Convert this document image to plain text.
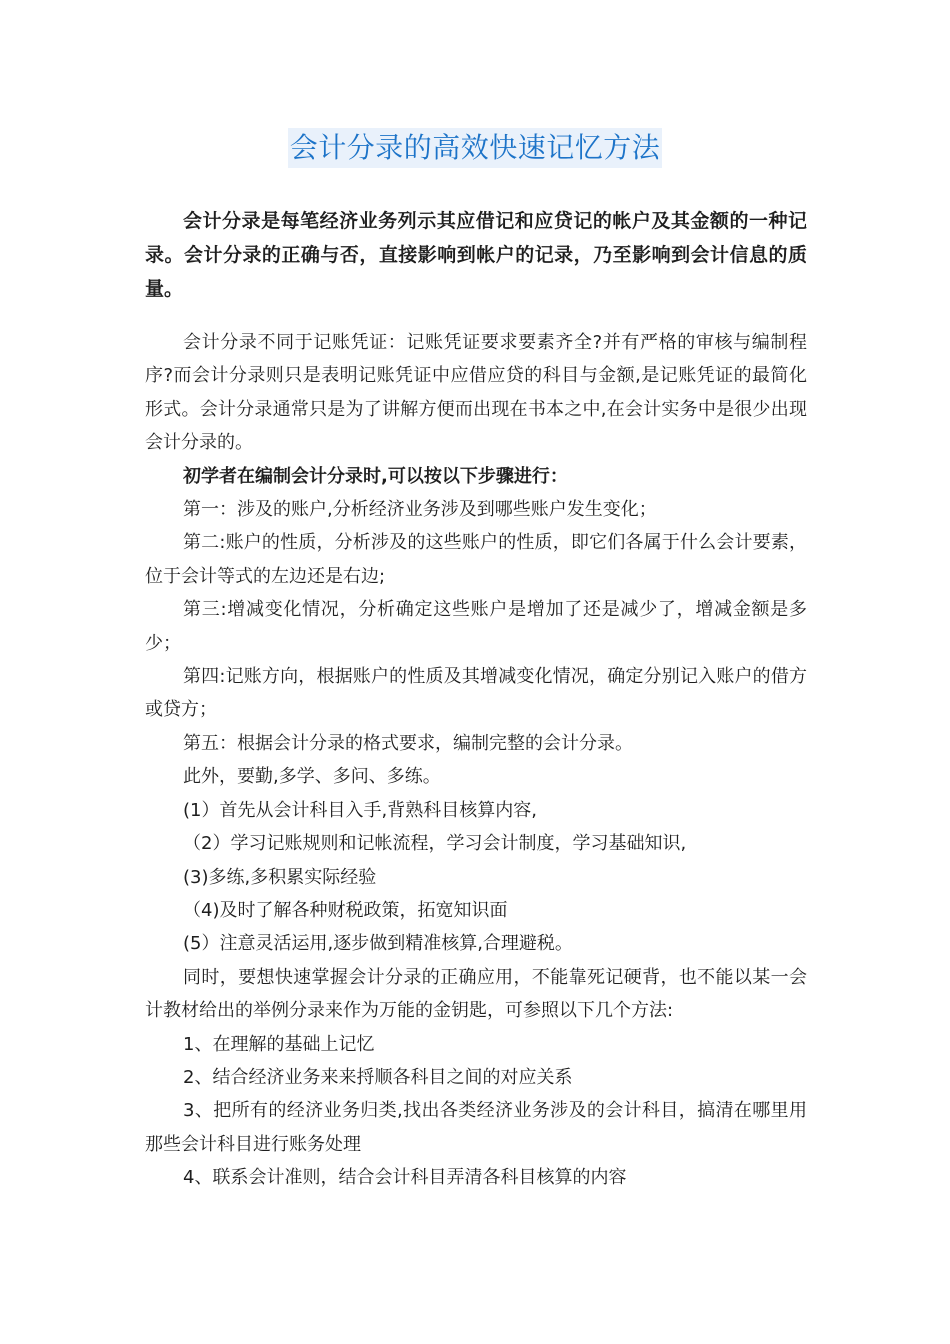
会计分录的高效快速记忆方法

会计分录是每笔经济业务列示其应借记和应贷记的帐户及其金额的一种记录。会计分录的正确与否，直接影响到帐户的记录，乃至影响到会计信息的质量。

会计分录不同于记账凭证：记账凭证要求要素齐全?并有严格的审核与编制程序?而会计分录则只是表明记账凭证中应借应贷的科目与金额,是记账凭证的最简化形式。会计分录通常只是为了讲解方便而出现在书本之中,在会计实务中是很少出现会计分录的。

初学者在编制会计分录时,可以按以下步骤进行：

第一：涉及的账户,分析经济业务涉及到哪些账户发生变化；

第二:账户的性质，分析涉及的这些账户的性质，即它们各属于什么会计要素，位于会计等式的左边还是右边;

第三:增减变化情况，分析确定这些账户是增加了还是减少了，增减金额是多少；

第四:记账方向，根据账户的性质及其增减变化情况，确定分别记入账户的借方或贷方；

第五：根据会计分录的格式要求，编制完整的会计分录。

此外，要勤,多学、多问、多练。

(1）首先从会计科目入手,背熟科目核算内容,

（2）学习记账规则和记帐流程，学习会计制度，学习基础知识,

(3)多练,多积累实际经验

（4)及时了解各种财税政策，拓宽知识面

(5）注意灵活运用,逐步做到精准核算,合理避税。

同时，要想快速掌握会计分录的正确应用，不能靠死记硬背，也不能以某一会计教材给出的举例分录来作为万能的金钥匙，可参照以下几个方法:

1、在理解的基础上记忆

2、结合经济业务来来捋顺各科目之间的对应关系

3、把所有的经济业务归类,找出各类经济业务涉及的会计科目，搞清在哪里用那些会计科目进行账务处理

4、联系会计准则，结合会计科目弄清各科目核算的内容
